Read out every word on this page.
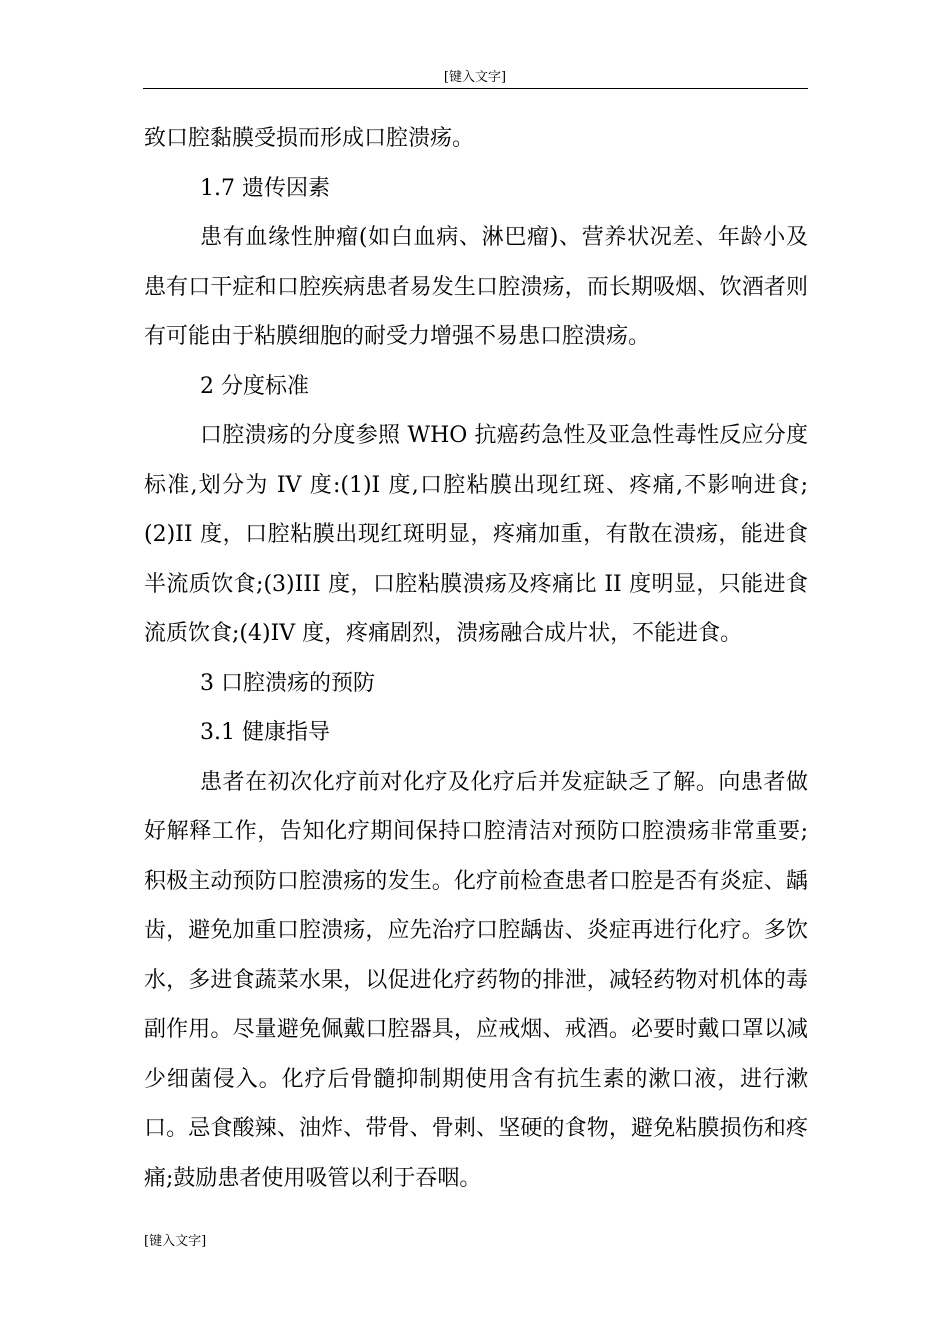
[键入文字]

致口腔黏膜受损而形成口腔溃疡。

1.7 遗传因素

患有血缘性肿瘤(如白血病、淋巴瘤)、营养状况差、年龄小及患有口干症和口腔疾病患者易发生口腔溃疡，而长期吸烟、饮酒者则有可能由于粘膜细胞的耐受力增强不易患口腔溃疡。

2 分度标准

口腔溃疡的分度参照 WHO 抗癌药急性及亚急性毒性反应分度标准,划分为 IV 度:(1)I 度,口腔粘膜出现红斑、疼痛,不影响进食;(2)II 度，口腔粘膜出现红斑明显，疼痛加重，有散在溃疡，能进食半流质饮食;(3)III 度，口腔粘膜溃疡及疼痛比 II 度明显，只能进食流质饮食;(4)IV 度，疼痛剧烈，溃疡融合成片状，不能进食。

3 口腔溃疡的预防

3.1 健康指导

患者在初次化疗前对化疗及化疗后并发症缺乏了解。向患者做好解释工作，告知化疗期间保持口腔清洁对预防口腔溃疡非常重要;积极主动预防口腔溃疡的发生。化疗前检查患者口腔是否有炎症、龋齿，避免加重口腔溃疡，应先治疗口腔龋齿、炎症再进行化疗。多饮水，多进食蔬菜水果，以促进化疗药物的排泄，减轻药物对机体的毒副作用。尽量避免佩戴口腔器具，应戒烟、戒酒。必要时戴口罩以减少细菌侵入。化疗后骨髓抑制期使用含有抗生素的漱口液，进行漱口。忌食酸辣、油炸、带骨、骨刺、坚硬的食物，避免粘膜损伤和疼痛;鼓励患者使用吸管以利于吞咽。

[键入文字]
